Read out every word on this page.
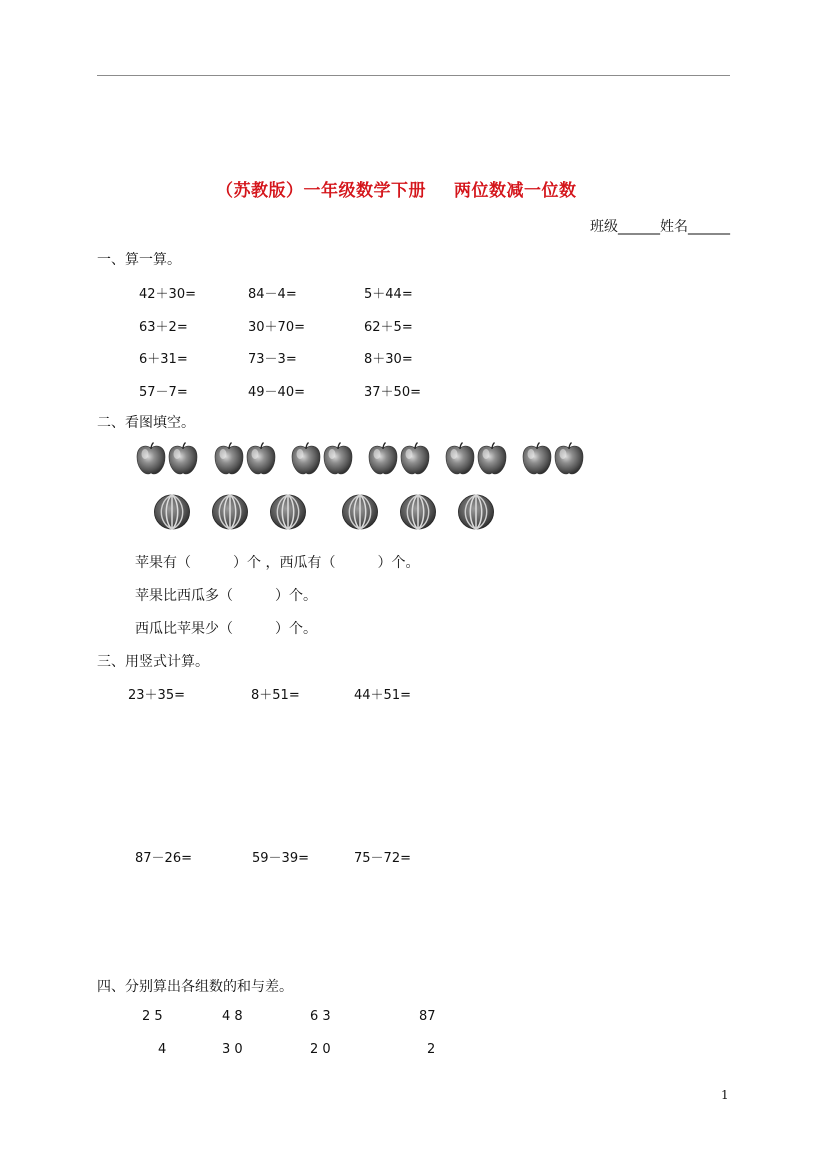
（苏教版）一年级数学下册 两位数减一位数
班级______姓名______
一、算一算。
42＋30=	84－4=	5＋44=
63＋2=	30＋70=	62＋5=
6＋31=	73－3=	8＋30=
57－7=	49－40=	37＋50=
二、看图填空。
苹果有（　　　）个 ，西瓜有（　　　）个。
苹果比西瓜多（　　　）个。
西瓜比苹果少（　　　）个。
三、用竖式计算。
23＋35=	8＋51=	44＋51=
87－26=	59－39=	75－72=
四、分别算出各组数的和与差。
2 5	4 8	6 3	87
4	3 0	2 0	2
1
